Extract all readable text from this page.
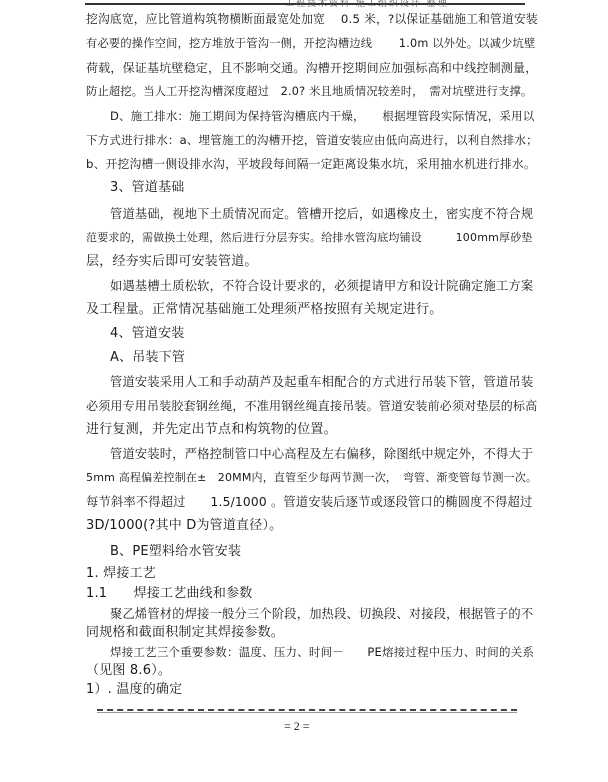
工程技术资料 施工组织设计 整理
挖沟底宽，应比管道构筑物横断面最宽处加宽　 0.5 米，?以保证基础施工和管道安装
有必要的操作空间，挖方堆放于管沟一侧，开挖沟槽边线　　 1.0m 以外处。以减少坑壁
荷载，保证基坑壁稳定，且不影响交通。沟槽开挖期间应加强标高和中线控制测量，
防止超挖。当人工开挖沟槽深度超过　2.0? 米且地质情况较差时，　需对坑壁进行支撑。
D、施工排水：施工期间为保持管沟槽底内干燥，　　根据埋管段实际情况，采用以
下方式进行排水：a、埋管施工的沟槽开挖，管道安装应由低向高进行，以利自然排水；
b、开挖沟槽一侧设排水沟，平坡段每间隔一定距离设集水坑，采用抽水机进行排水。
3、管道基础
管道基础，视地下土质情况而定。管槽开挖后，如遇橡皮土，密实度不符合规
范要求的，需做换土处理，然后进行分层夯实。给排水管沟底均铺设　　　100mm厚砂垫
层，经夯实后即可安装管道。
如遇基槽土质松软，不符合设计要求的，必须提请甲方和设计院确定施工方案
及工程量。正常情况基础施工处理须严格按照有关规定进行。
4、管道安装
A、吊装下管
管道安装采用人工和手动葫芦及起重车相配合的方式进行吊装下管，管道吊装
必须用专用吊装胶套钢丝绳，不准用钢丝绳直接吊装。管道安装前必须对垫层的标高
进行复测，并先定出节点和构筑物的位置。
管道安装时，严格控制管口中心高程及左右偏移，除图纸中规定外，不得大于
5mm 高程偏差控制在±　20MM内，直管至少每两节测一次，　弯管、渐变管每节测一次。
每节斜率不得超过　　1.5/1000 。管道安装后逐节或逐段管口的椭圆度不得超过
3D/1000(?其中 D为管道直径）。
B、PE塑料给水管安装
1. 焊接工艺
1.1　　焊接工艺曲线和参数
聚乙烯管材的焊接一般分三个阶段，加热段、切换段、对接段，根据管子的不
同规格和截面积制定其焊接参数。
焊接工艺三个重要参数：温度、压力、时间－　　PE熔接过程中压力、时间的关系
（见图 8.6）。
1）. 温度的确定
= 2 =
